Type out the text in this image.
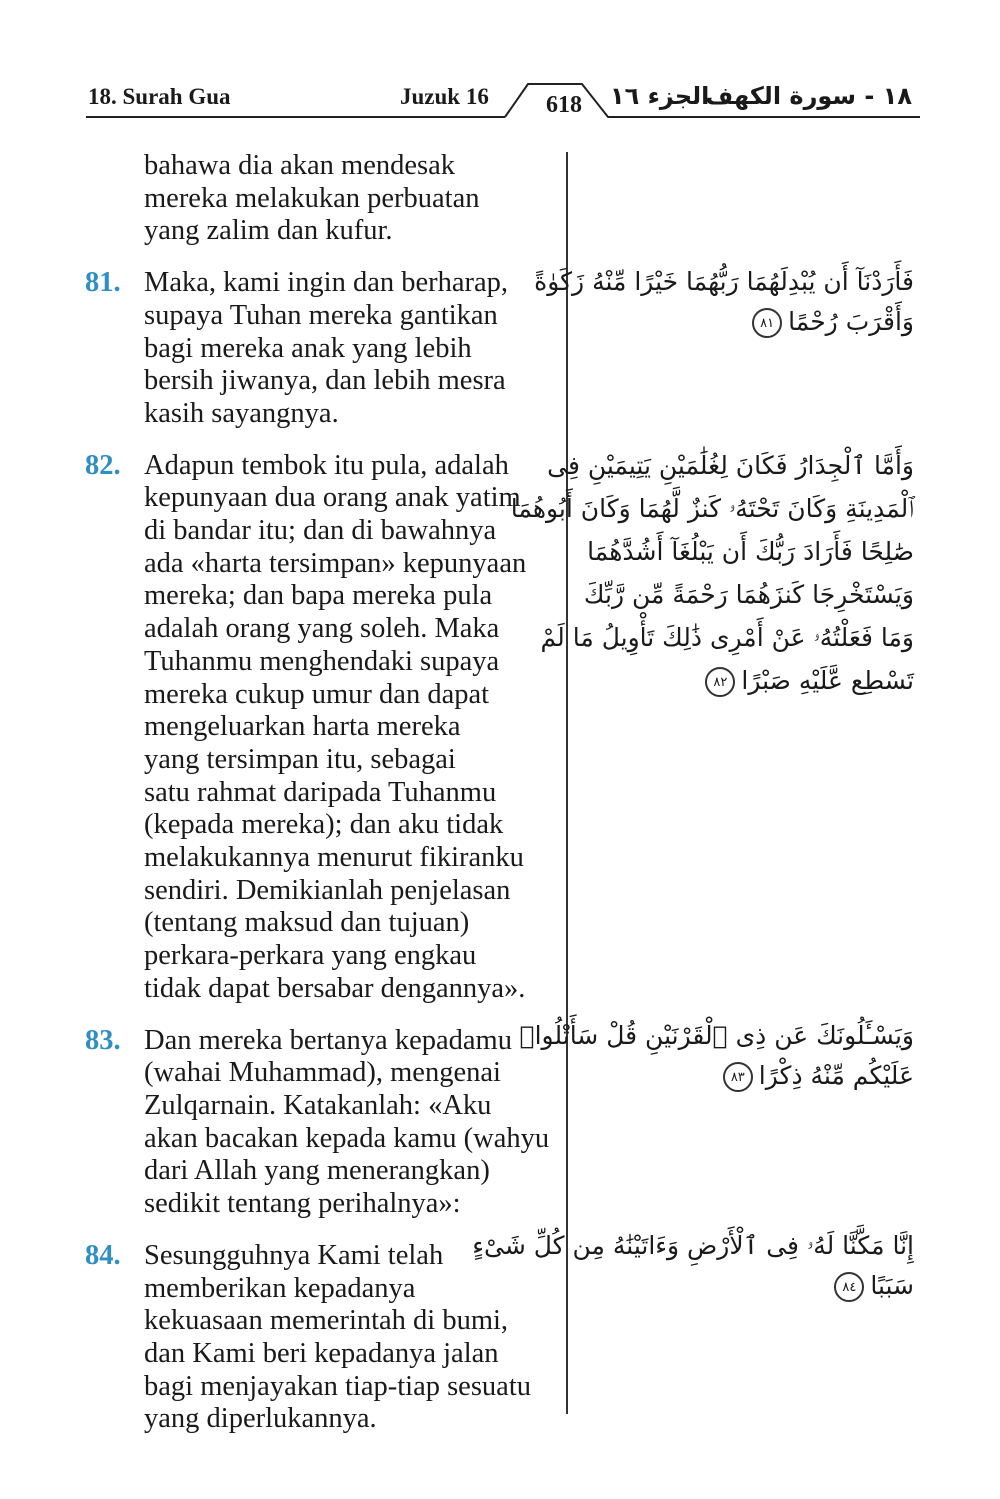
18. Surah Gua	Juzuk 16	618	الجزء ١٦
١٨ - سورة الكهف
bahawa dia akan mendesak
mereka melakukan perbuatan
yang zalim dan kufur.
81. Maka, kami ingin dan berharap,
supaya Tuhan mereka gantikan
bagi mereka anak yang lebih
bersih jiwanya, dan lebih mesra
kasih sayangnya.
82. Adapun tembok itu pula, adalah
kepunyaan dua orang anak yatim
di bandar itu; dan di bawahnya
ada «harta tersimpan» kepunyaan
mereka; dan bapa mereka pula
adalah orang yang soleh. Maka
Tuhanmu menghendaki supaya
mereka cukup umur dan dapat
mengeluarkan harta mereka
yang tersimpan itu, sebagai
satu rahmat daripada Tuhanmu
(kepada mereka); dan aku tidak
melakukannya menurut fikiranku
sendiri. Demikianlah penjelasan
(tentang maksud dan tujuan)
perkara-perkara yang engkau
tidak dapat bersabar dengannya».
83. Dan mereka bertanya kepadamu
(wahai Muhammad), mengenai
Zulqarnain. Katakanlah: «Aku
akan bacakan kepada kamu (wahyu
dari Allah yang menerangkan)
sedikit tentang perihalnya»:
84. Sesungguhnya Kami telah
memberikan kepadanya
kekuasaan memerintah di bumi,
dan Kami beri kepadanya jalan
bagi menjayakan tiap-tiap sesuatu
yang diperlukannya.
فَأَرَدْنَآ أَن يُبْدِلَهُمَا رَبُّهُمَا خَيْرًا مِّنْهُ زَكَوٰةً
وَأَقْرَبَ رُحْمًا٨١
وَأَمَّا ٱلْجِدَارُ فَكَانَ لِغُلَٰمَيْنِ يَتِيمَيْنِ فِى
ٱلْمَدِينَةِ وَكَانَ تَحْتَهُۥ كَنزٌ لَّهُمَا وَكَانَ أَبُوهُمَا
صَٰلِحًا فَأَرَادَ رَبُّكَ أَن يَبْلُغَآ أَشُدَّهُمَا
وَيَسْتَخْرِجَا كَنزَهُمَا رَحْمَةً مِّن رَّبِّكَ
وَمَا فَعَلْتُهُۥ عَنْ أَمْرِى ذَٰلِكَ تَأْوِيلُ مَا لَمْ
تَسْطِع عَّلَيْهِ صَبْرًا٨٢
وَيَسْـَٔلُونَكَ عَن ذِى ٱلْقَرْنَيْنِ قُلْ سَأَتْلُوا۟
عَلَيْكُم مِّنْهُ ذِكْرًا٨٣
إِنَّا مَكَّنَّا لَهُۥ فِى ٱلْأَرْضِ وَءَاتَيْنَٰهُ مِن كُلِّ شَىْءٍ
سَبَبًا٨٤
